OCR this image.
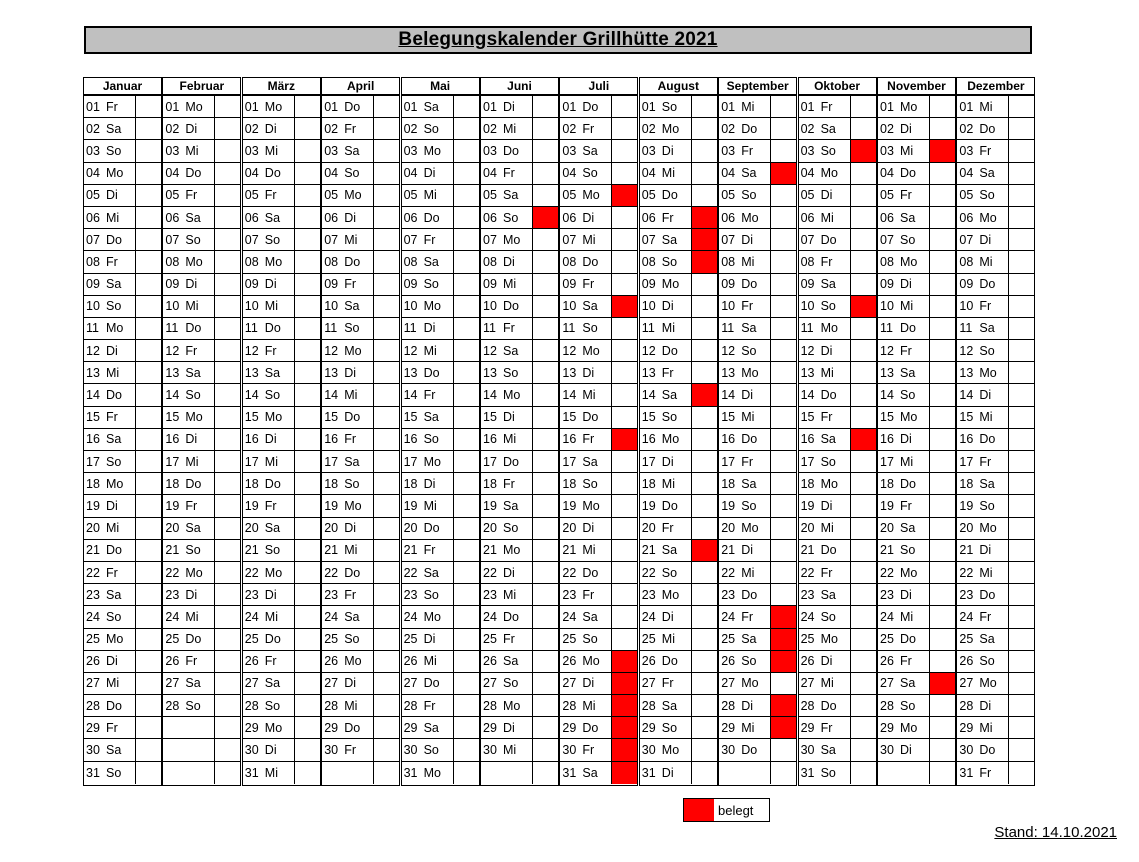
Belegungskalender Grillhütte 2021
Januar
01 Fr
02 Sa
03 So
04 Mo
05 Di
06 Mi
07 Do
08 Fr
09 Sa
10 So
11 Mo
12 Di
13 Mi
14 Do
15 Fr
16 Sa
17 So
18 Mo
19 Di
20 Mi
21 Do
22 Fr
23 Sa
24 So
25 Mo
26 Di
27 Mi
28 Do
29 Fr
30 Sa
31 So
Februar
01 Mo
02 Di
03 Mi
04 Do
05 Fr
06 Sa
07 So
08 Mo
09 Di
10 Mi
11 Do
12 Fr
13 Sa
14 So
15 Mo
16 Di
17 Mi
18 Do
19 Fr
20 Sa
21 So
22 Mo
23 Di
24 Mi
25 Do
26 Fr
27 Sa
28 So
März
01 Mo
02 Di
03 Mi
04 Do
05 Fr
06 Sa
07 So
08 Mo
09 Di
10 Mi
11 Do
12 Fr
13 Sa
14 So
15 Mo
16 Di
17 Mi
18 Do
19 Fr
20 Sa
21 So
22 Mo
23 Di
24 Mi
25 Do
26 Fr
27 Sa
28 So
29 Mo
30 Di
31 Mi
April
01 Do
02 Fr
03 Sa
04 So
05 Mo
06 Di
07 Mi
08 Do
09 Fr
10 Sa
11 So
12 Mo
13 Di
14 Mi
15 Do
16 Fr
17 Sa
18 So
19 Mo
20 Di
21 Mi
22 Do
23 Fr
24 Sa
25 So
26 Mo
27 Di
28 Mi
29 Do
30 Fr
Mai
01 Sa
02 So
03 Mo
04 Di
05 Mi
06 Do
07 Fr
08 Sa
09 So
10 Mo
11 Di
12 Mi
13 Do
14 Fr
15 Sa
16 So
17 Mo
18 Di
19 Mi
20 Do
21 Fr
22 Sa
23 So
24 Mo
25 Di
26 Mi
27 Do
28 Fr
29 Sa
30 So
31 Mo
Juni
01 Di
02 Mi
03 Do
04 Fr
05 Sa
06 So
07 Mo
08 Di
09 Mi
10 Do
11 Fr
12 Sa
13 So
14 Mo
15 Di
16 Mi
17 Do
18 Fr
19 Sa
20 So
21 Mo
22 Di
23 Mi
24 Do
25 Fr
26 Sa
27 So
28 Mo
29 Di
30 Mi
Juli
01 Do
02 Fr
03 Sa
04 So
05 Mo
06 Di
07 Mi
08 Do
09 Fr
10 Sa
11 So
12 Mo
13 Di
14 Mi
15 Do
16 Fr
17 Sa
18 So
19 Mo
20 Di
21 Mi
22 Do
23 Fr
24 Sa
25 So
26 Mo
27 Di
28 Mi
29 Do
30 Fr
31 Sa
August
01 So
02 Mo
03 Di
04 Mi
05 Do
06 Fr
07 Sa
08 So
09 Mo
10 Di
11 Mi
12 Do
13 Fr
14 Sa
15 So
16 Mo
17 Di
18 Mi
19 Do
20 Fr
21 Sa
22 So
23 Mo
24 Di
25 Mi
26 Do
27 Fr
28 Sa
29 So
30 Mo
31 Di
September
01 Mi
02 Do
03 Fr
04 Sa
05 So
06 Mo
07 Di
08 Mi
09 Do
10 Fr
11 Sa
12 So
13 Mo
14 Di
15 Mi
16 Do
17 Fr
18 Sa
19 So
20 Mo
21 Di
22 Mi
23 Do
24 Fr
25 Sa
26 So
27 Mo
28 Di
29 Mi
30 Do
Oktober
01 Fr
02 Sa
03 So
04 Mo
05 Di
06 Mi
07 Do
08 Fr
09 Sa
10 So
11 Mo
12 Di
13 Mi
14 Do
15 Fr
16 Sa
17 So
18 Mo
19 Di
20 Mi
21 Do
22 Fr
23 Sa
24 So
25 Mo
26 Di
27 Mi
28 Do
29 Fr
30 Sa
31 So
November
01 Mo
02 Di
03 Mi
04 Do
05 Fr
06 Sa
07 So
08 Mo
09 Di
10 Mi
11 Do
12 Fr
13 Sa
14 So
15 Mo
16 Di
17 Mi
18 Do
19 Fr
20 Sa
21 So
22 Mo
23 Di
24 Mi
25 Do
26 Fr
27 Sa
28 So
29 Mo
30 Di
Dezember
01 Mi
02 Do
03 Fr
04 Sa
05 So
06 Mo
07 Di
08 Mi
09 Do
10 Fr
11 Sa
12 So
13 Mo
14 Di
15 Mi
16 Do
17 Fr
18 Sa
19 So
20 Mo
21 Di
22 Mi
23 Do
24 Fr
25 Sa
26 So
27 Mo
28 Di
29 Mi
30 Do
31 Fr
belegt
Stand: 14.10.2021
